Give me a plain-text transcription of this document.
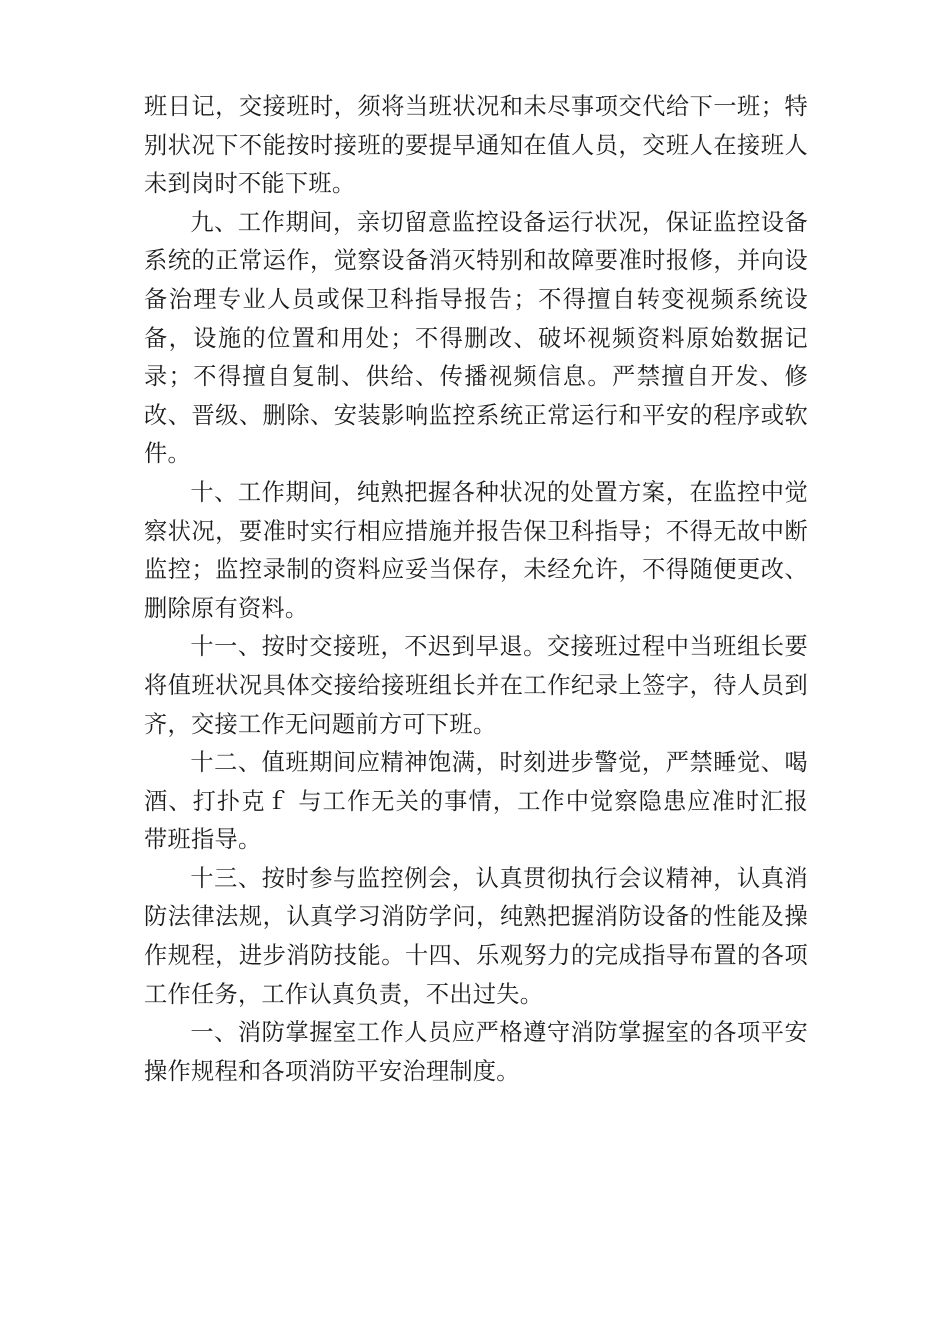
班日记，交接班时，须将当班状况和未尽事项交代给下一班；特别状况下不能按时接班的要提早通知在值人员，交班人在接班人未到岗时不能下班。

九、工作期间，亲切留意监控设备运行状况，保证监控设备系统的正常运作，觉察设备消灭特别和故障要准时报修，并向设备治理专业人员或保卫科指导报告；不得擅自转变视频系统设备，设施的位置和用处；不得删改、破坏视频资料原始数据记录；不得擅自复制、供给、传播视频信息。严禁擅自开发、修改、晋级、删除、安装影响监控系统正常运行和平安的程序或软件。

十、工作期间，纯熟把握各种状况的处置方案，在监控中觉察状况，要准时实行相应措施并报告保卫科指导；不得无故中断监控；监控录制的资料应妥当保存，未经允许，不得随便更改、删除原有资料。

十一、按时交接班，不迟到早退。交接班过程中当班组长要将值班状况具体交接给接班组长并在工作纪录上签字，待人员到齐，交接工作无问题前方可下班。

十二、值班期间应精神饱满，时刻进步警觉，严禁睡觉、喝酒、打扑克ｆ 与工作无关的事情，工作中觉察隐患应准时汇报带班指导。

十三、按时参与监控例会，认真贯彻执行会议精神，认真消防法律法规，认真学习消防学问，纯熟把握消防设备的性能及操作规程，进步消防技能。十四、乐观努力的完成指导布置的各项工作任务，工作认真负责，不出过失。

一、消防掌握室工作人员应严格遵守消防掌握室的各项平安操作规程和各项消防平安治理制度。
